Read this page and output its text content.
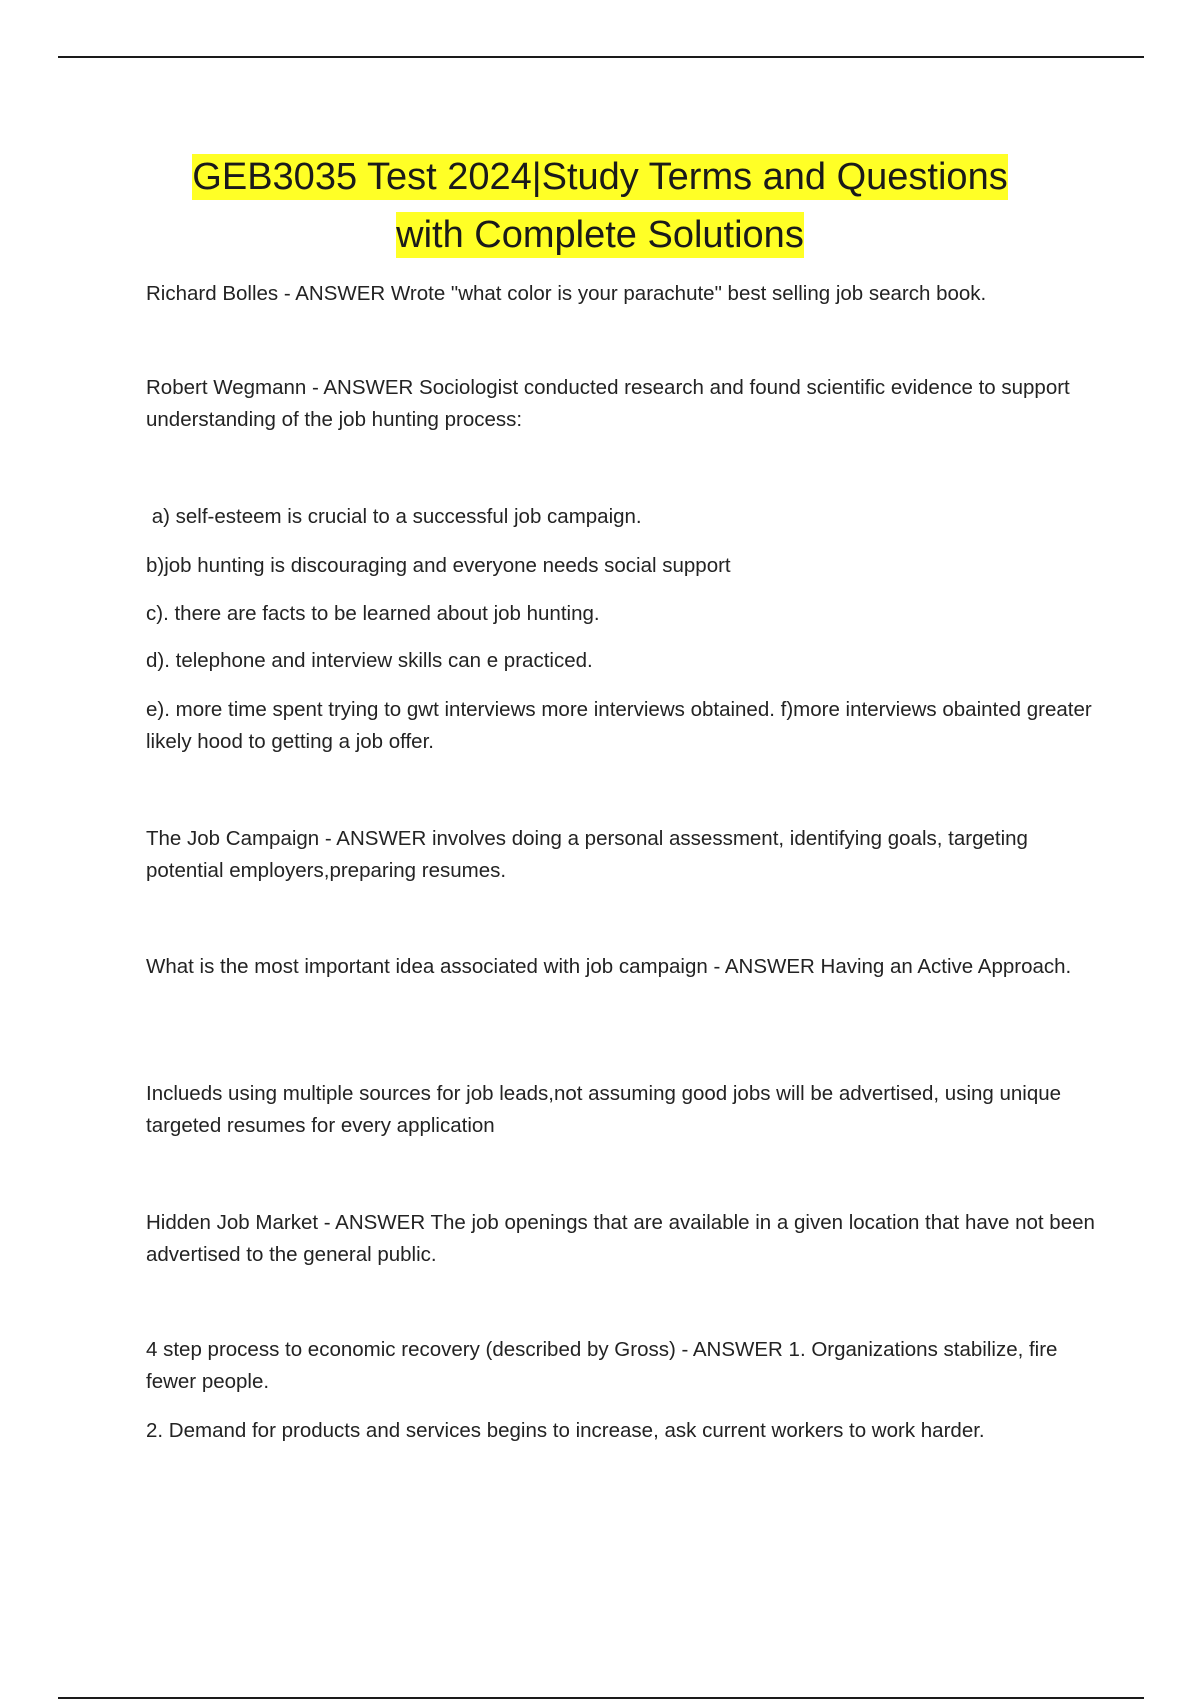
GEB3035 Test 2024|Study Terms and Questions
with Complete Solutions

Richard Bolles - ANSWER Wrote "what color is your parachute" best selling job search book.

Robert Wegmann - ANSWER Sociologist conducted research and found scientific evidence to support understanding of the job hunting process:

a) self-esteem is crucial to a successful job campaign.

b)job hunting is discouraging and everyone needs social support

c). there are facts to be learned about job hunting.

d). telephone and interview skills can e practiced.

e). more time spent trying to gwt interviews more interviews obtained. f)more interviews obainted greater likely hood to getting a job offer.

The Job Campaign - ANSWER involves doing a personal assessment, identifying goals, targeting potential employers,preparing resumes.

What is the most important idea associated with job campaign - ANSWER Having an Active Approach.

Inclueds using multiple sources for job leads,not assuming good jobs will be advertised, using unique targeted resumes for every application

Hidden Job Market - ANSWER The job openings that are available in a given location that have not been advertised to the general public.

4 step process to economic recovery (described by Gross) - ANSWER 1. Organizations stabilize, fire fewer people.

2. Demand for products and services begins to increase, ask current workers to work harder.
